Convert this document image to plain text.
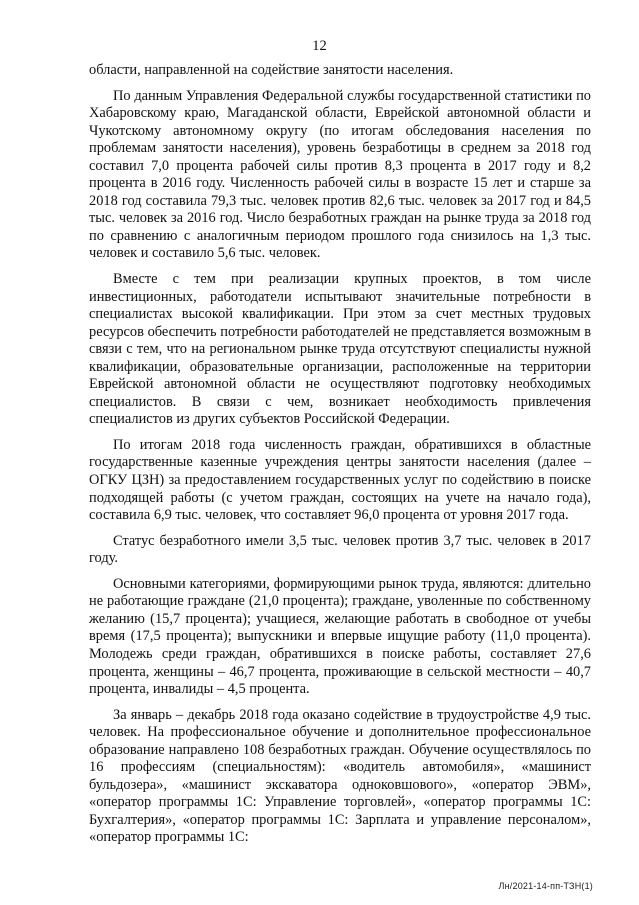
12

области, направленной на содействие занятости населения.

По данным Управления Федеральной службы государственной статистики по Хабаровскому краю, Магаданской области, Еврейской автономной области и Чукотскому автономному округу (по итогам обследования населения по проблемам занятости населения), уровень безработицы в среднем за 2018 год составил 7,0 процента рабочей силы против 8,3 процента в 2017 году и 8,2 процента в 2016 году. Численность рабочей силы в возрасте 15 лет и старше за 2018 год составила 79,3 тыс. человек против 82,6 тыс. человек за 2017 год и 84,5 тыс. человек за 2016 год. Число безработных граждан на рынке труда за 2018 год по сравнению с аналогичным периодом прошлого года снизилось на 1,3 тыс. человек и составило 5,6 тыс. человек.

Вместе с тем при реализации крупных проектов, в том числе инвестиционных, работодатели испытывают значительные потребности в специалистах высокой квалификации. При этом за счет местных трудовых ресурсов обеспечить потребности работодателей не представляется возможным в связи с тем, что на региональном рынке труда отсутствуют специалисты нужной квалификации, образовательные организации, расположенные на территории Еврейской автономной области не осуществляют подготовку необходимых специалистов. В связи с чем, возникает необходимость привлечения специалистов из других субъектов Российской Федерации.

По итогам 2018 года численность граждан, обратившихся в областные государственные казенные учреждения центры занятости населения (далее – ОГКУ ЦЗН) за предоставлением государственных услуг по содействию в поиске подходящей работы (с учетом граждан, состоящих на учете на начало года), составила 6,9 тыс. человек, что составляет 96,0 процента от уровня 2017 года.

Статус безработного имели 3,5 тыс. человек против 3,7 тыс. человек в 2017 году.

Основными категориями, формирующими рынок труда, являются: длительно не работающие граждане (21,0 процента); граждане, уволенные по собственному желанию (15,7 процента); учащиеся, желающие работать в свободное от учебы время (17,5 процента); выпускники и впервые ищущие работу (11,0 процента). Молодежь среди граждан, обратившихся в поиске работы, составляет 27,6 процента, женщины – 46,7 процента, проживающие в сельской местности – 40,7 процента, инвалиды – 4,5 процента.

За январь – декабрь 2018 года оказано содействие в трудоустройстве 4,9 тыс. человек. На профессиональное обучение и дополнительное профессиональное образование направлено 108 безработных граждан. Обучение осуществлялось по 16 профессиям (специальностям): «водитель автомобиля», «машинист бульдозера», «машинист экскаватора одноковшового», «оператор ЭВМ», «оператор программы 1С: Управление торговлей», «оператор программы 1С: Бухгалтерия», «оператор программы 1С: Зарплата и управление персоналом», «оператор программы 1С:

Лн/2021-14-пп-ТЗН(1)
